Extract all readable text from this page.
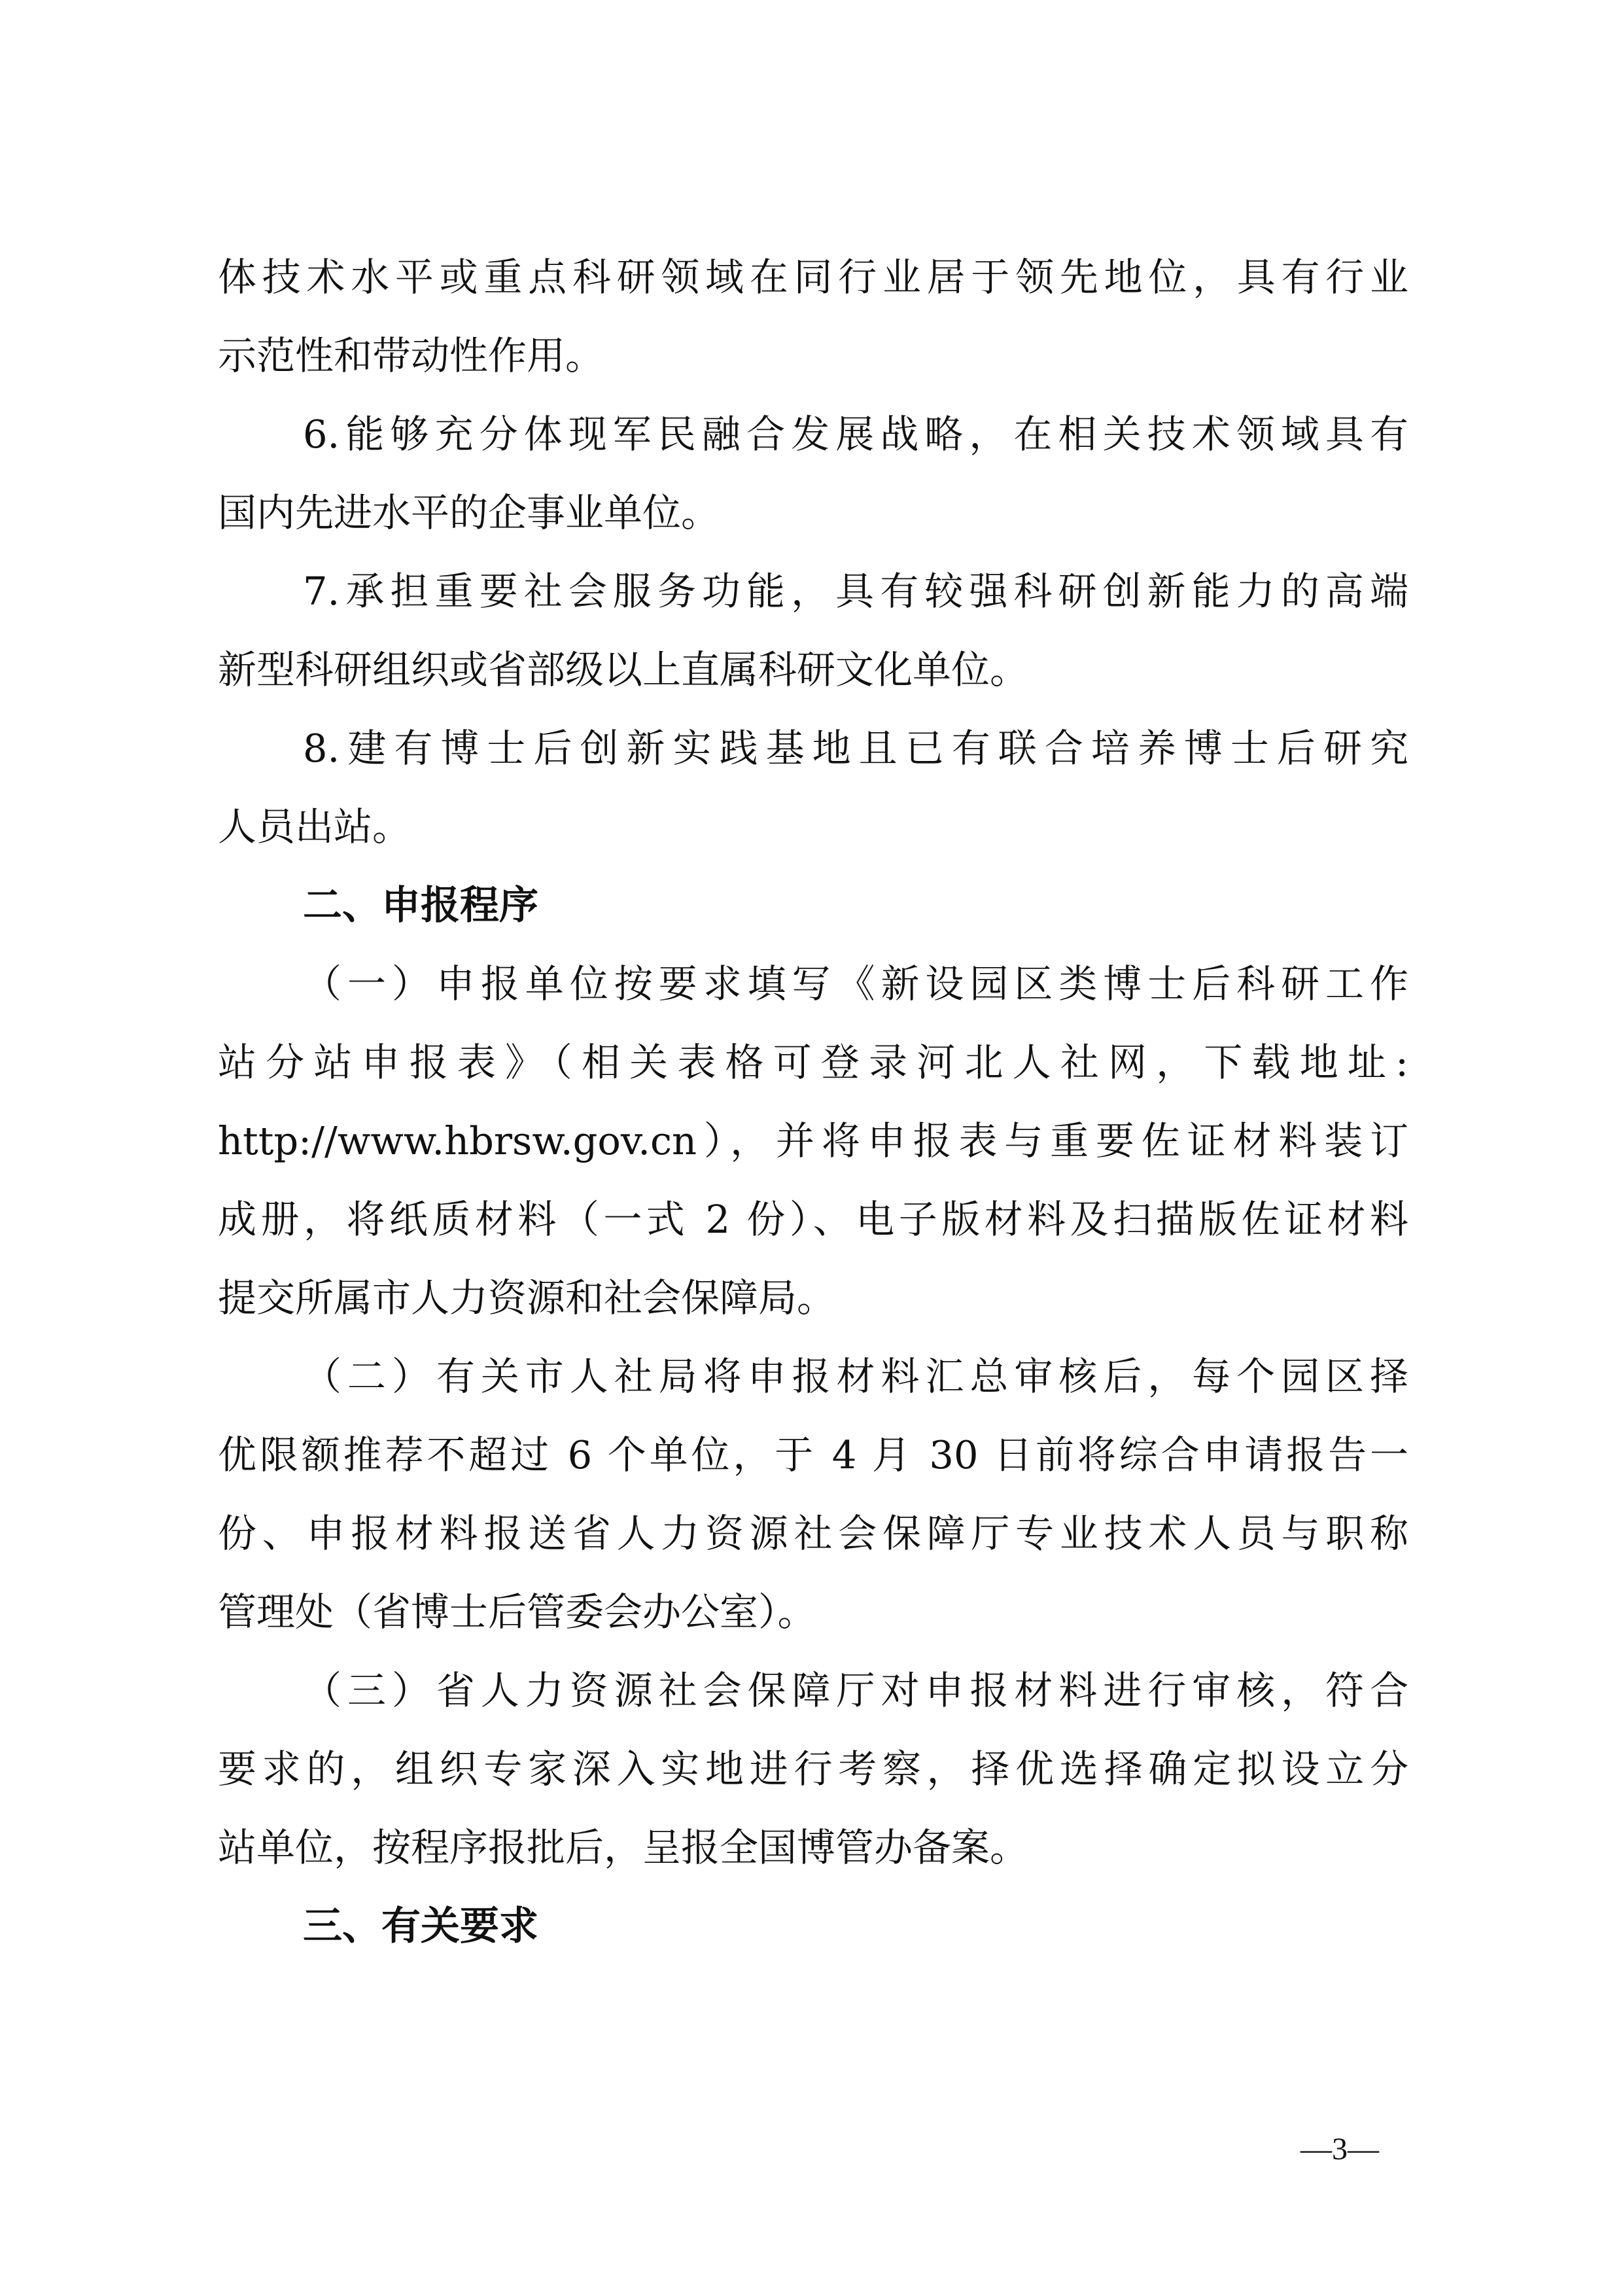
体技术水平或重点科研领域在同行业居于领先地位，具有行业
示范性和带动性作用。
6.能够充分体现军民融合发展战略，在相关技术领域具有
国内先进水平的企事业单位。
7.承担重要社会服务功能，具有较强科研创新能力的高端
新型科研组织或省部级以上直属科研文化单位。
8.建有博士后创新实践基地且已有联合培养博士后研究
人员出站。
二、申报程序
（一）申报单位按要求填写《新设园区类博士后科研工作
站分站申报表》（相关表格可登录河北人社网，下载地址:
http://www.hbrsw.gov.cn），并将申报表与重要佐证材料装订
成册，将纸质材料（一式 2 份）、电子版材料及扫描版佐证材料
提交所属市人力资源和社会保障局。
（二）有关市人社局将申报材料汇总审核后，每个园区择
优限额推荐不超过 6 个单位，于 4 月 30 日前将综合申请报告一
份、申报材料报送省人力资源社会保障厅专业技术人员与职称
管理处（省博士后管委会办公室）。
（三）省人力资源社会保障厅对申报材料进行审核，符合
要求的，组织专家深入实地进行考察，择优选择确定拟设立分
站单位，按程序报批后，呈报全国博管办备案。
三、有关要求
—3—
